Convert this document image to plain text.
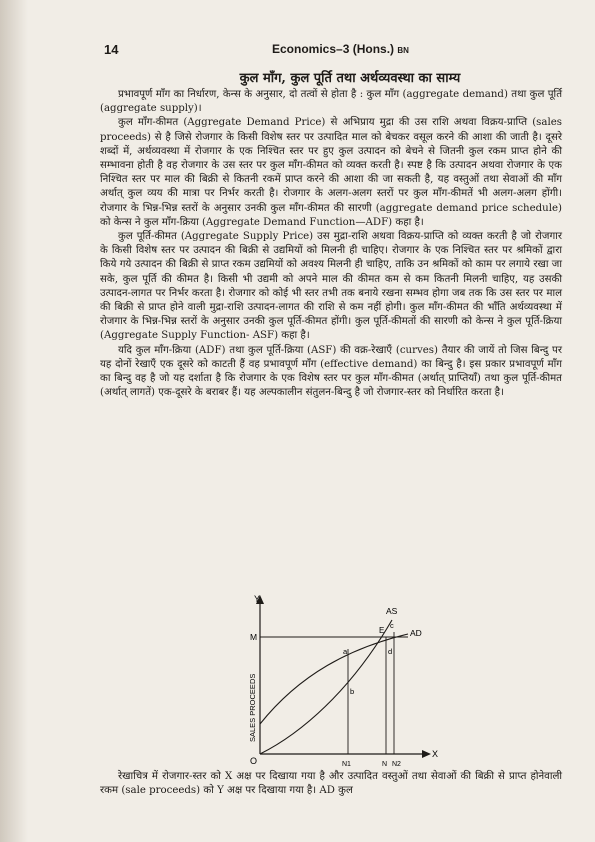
14	Economics–3 (Hons.) BN
कुल माँग, कुल पूर्ति तथा अर्थव्यवस्था का साम्य

प्रभावपूर्ण माँग का निर्धारण, केन्स के अनुसार, दो तत्वों से होता है : कुल माँग (aggregate demand) तथा कुल पूर्ति (aggregate supply)।

कुल माँग-कीमत (Aggregate Demand Price) से अभिप्राय मुद्रा की उस राशि अथवा विक्रय-प्राप्ति (sales proceeds) से है जिसे रोजगार के किसी विशेष स्तर पर उत्पादित माल को बेचकर वसूल करने की आशा की जाती है। दूसरे शब्दों में, अर्थव्यवस्था में रोजगार के एक निश्चित स्तर पर हुए कुल उत्पादन को बेचने से जितनी कुल रकम प्राप्त होने की सम्भावना होती है वह रोजगार के उस स्तर पर कुल माँग-कीमत को व्यक्त करती है। स्पष्ट है कि उत्पादन अथवा रोजगार के एक निश्चित स्तर पर माल की बिक्री से कितनी रकमें प्राप्त करने की आशा की जा सकती है, यह वस्तुओं तथा सेवाओं की माँग अर्थात् कुल व्यय की मात्रा पर निर्भर करती है। रोजगार के अलग-अलग स्तरों पर कुल माँग-कीमतें भी अलग-अलग होंगी। रोजगार के भिन्न-भिन्न स्तरों के अनुसार उनकी कुल माँग-कीमत की सारणी (aggregate demand price schedule) को केन्स ने कुल माँग-क्रिया (Aggregate Demand Function—ADF) कहा है।

कुल पूर्ति-कीमत (Aggregate Supply Price) उस मुद्रा-राशि अथवा विक्रय-प्राप्ति को व्यक्त करती है जो रोजगार के किसी विशेष स्तर पर उत्पादन की बिक्री से उद्यमियों को मिलनी ही चाहिए। रोजगार के एक निश्चित स्तर पर श्रमिकों द्वारा किये गये उत्पादन की बिक्री से प्राप्त रकम उद्यमियों को अवश्य मिलनी ही चाहिए, ताकि उन श्रमिकों को काम पर लगाये रखा जा सके, कुल पूर्ति की कीमत है। किसी भी उद्यमी को अपने माल की कीमत कम से कम कितनी मिलनी चाहिए, यह उसकी उत्पादन-लागत पर निर्भर करता है। रोजगार को कोई भी स्तर तभी तक बनाये रखना सम्भव होगा जब तक कि उस स्तर पर माल की बिक्री से प्राप्त होने वाली मुद्रा-राशि उत्पादन-लागत की राशि से कम नहीं होगी। कुल माँग-कीमत की भाँति अर्थव्यवस्था में रोजगार के भिन्न-भिन्न स्तरों के अनुसार उनकी कुल पूर्ति-कीमत होंगी। कुल पूर्ति-कीमतों की सारणी को केन्स ने कुल पूर्ति-क्रिया (Aggregate Supply Function- ASF) कहा है।

यदि कुल माँग-क्रिया (ADF) तथा कुल पूर्ति-क्रिया (ASF) की वक्र-रेखाएँ (curves) तैयार की जायें तो जिस बिन्दु पर यह दोनों रेखाएँ एक दूसरे को काटती हैं वह प्रभावपूर्ण माँग (effective demand) का बिन्दु है। इस प्रकार प्रभावपूर्ण माँग का बिन्दु वह है जो यह दर्शाता है कि रोजगार के एक विशेष स्तर पर कुल माँग-कीमत (अर्थात् प्राप्तियाँ) तथा कुल पूर्ति-कीमत (अर्थात् लागतें) एक-दूसरे के बराबर हैं। यह अल्पकालीन संतुलन-बिन्दु है जो रोजगार-स्तर को निर्धारित करता है।

Y
X
O
SALES PROCEEDS
M
AS
AD
E
c
d
a
b
N1	N N2

रेखाचित्र में रोजगार-स्तर को X अक्ष पर दिखाया गया है और उत्पादित वस्तुओं तथा सेवाओं की बिक्री से प्राप्त होनेवाली रकम (sale proceeds) को Y अक्ष पर दिखाया गया है। AD कुल
